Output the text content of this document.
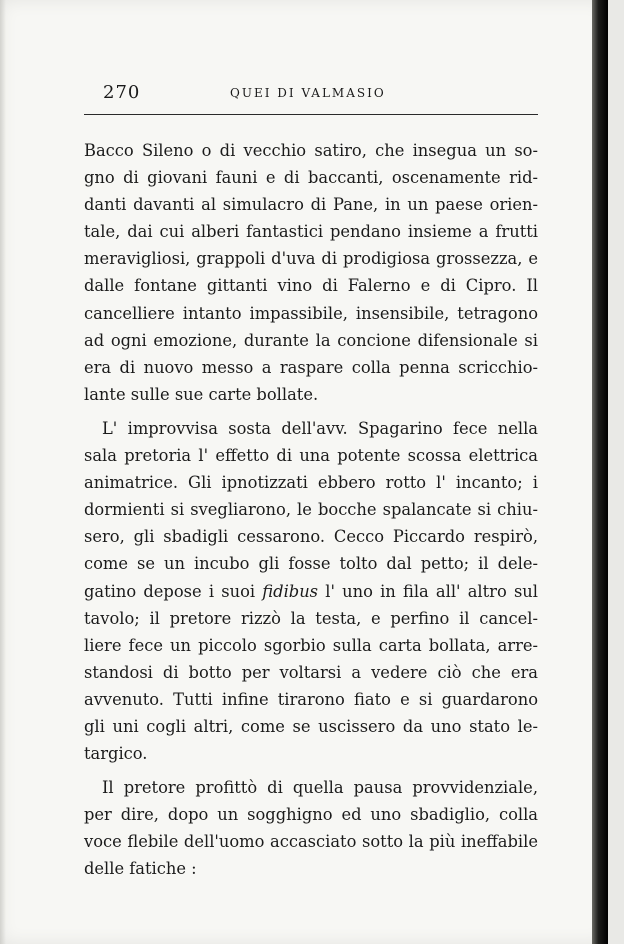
270	QUEI DI VALMASIO
Bacco Sileno o di vecchio satiro, che insegua un so-
gno di giovani fauni e di baccanti, oscenamente rid-
danti davanti al simulacro di Pane, in un paese orien-
tale, dai cui alberi fantastici pendano insieme a frutti
meravigliosi, grappoli d'uva di prodigiosa grossezza, e
dalle fontane gittanti vino di Falerno e di Cipro. Il
cancelliere intanto impassibile, insensibile, tetragono
ad ogni emozione, durante la concione difensionale si
era di nuovo messo a raspare colla penna scricchio-
lante sulle sue carte bollate.
L' improvvisa sosta dell'avv. Spagarino fece nella
sala pretoria l' effetto di una potente scossa elettrica
animatrice. Gli ipnotizzati ebbero rotto l' incanto; i
dormienti si svegliarono, le bocche spalancate si chiu-
sero, gli sbadigli cessarono. Cecco Piccardo respirò,
come se un incubo gli fosse tolto dal petto; il dele-
gatino depose i suoi fidibus l' uno in fila all' altro sul
tavolo; il pretore rizzò la testa, e perfino il cancel-
liere fece un piccolo sgorbio sulla carta bollata, arre-
standosi di botto per voltarsi a vedere ciò che era
avvenuto. Tutti infine tirarono fiato e si guardarono
gli uni cogli altri, come se uscissero da uno stato le-
targico.
Il pretore profittò di quella pausa provvidenziale,
per dire, dopo un sogghigno ed uno sbadiglio, colla
voce flebile dell'uomo accasciato sotto la più ineffabile
delle fatiche :
